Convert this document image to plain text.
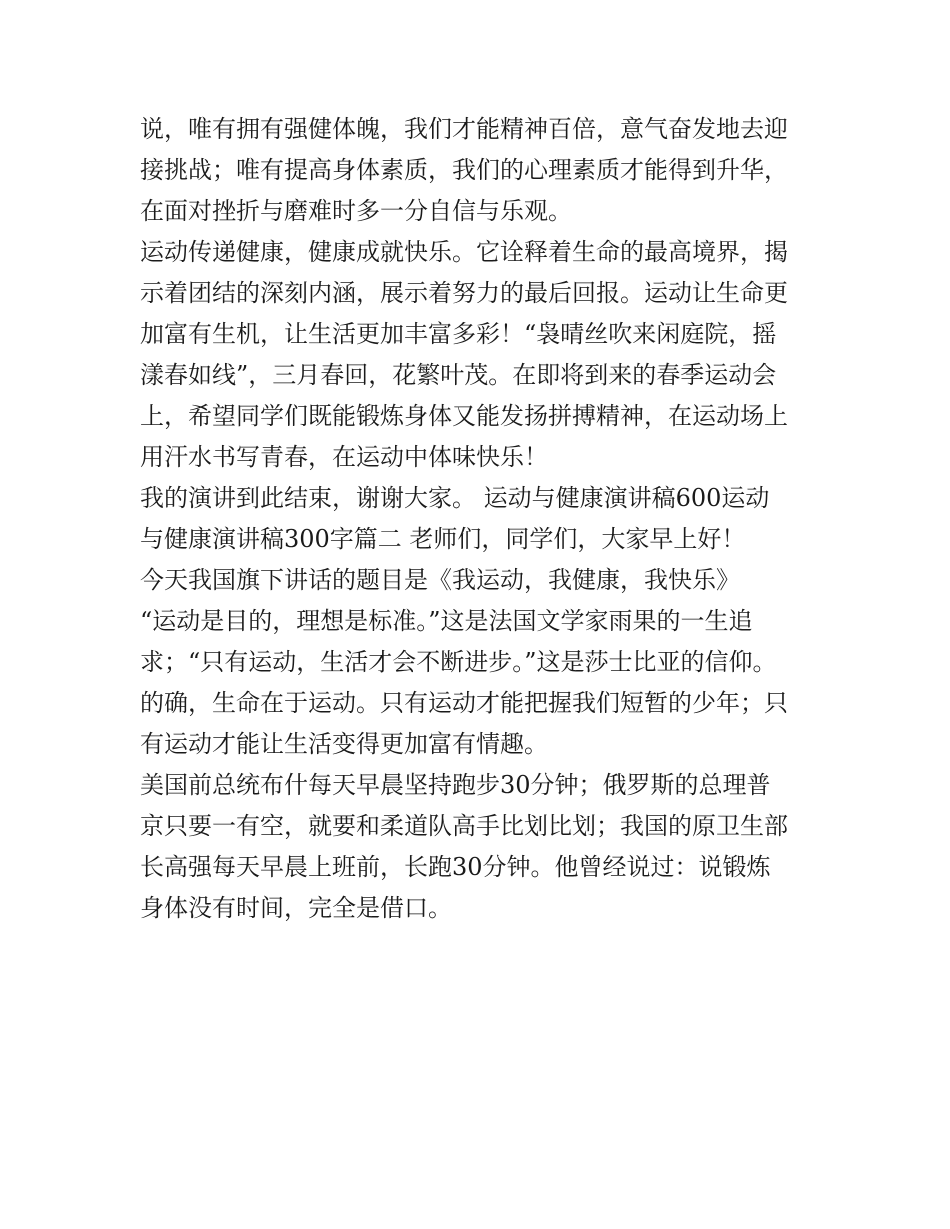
说，唯有拥有强健体魄，我们才能精神百倍，意气奋发地去迎
接挑战；唯有提高身体素质，我们的心理素质才能得到升华，
在面对挫折与磨难时多一分自信与乐观。
运动传递健康，健康成就快乐。它诠释着生命的最高境界，揭
示着团结的深刻内涵，展示着努力的最后回报。运动让生命更
加富有生机，让生活更加丰富多彩！“袅晴丝吹来闲庭院，摇
漾春如线”，三月春回，花繁叶茂。在即将到来的春季运动会
上，希望同学们既能锻炼身体又能发扬拼搏精神，在运动场上
用汗水书写青春，在运动中体味快乐！
我的演讲到此结束，谢谢大家。 运动与健康演讲稿600运动
与健康演讲稿300字篇二 老师们，同学们，大家早上好！
今天我国旗下讲话的题目是《我运动，我健康，我快乐》
“运动是目的，理想是标准。”这是法国文学家雨果的一生追
求；“只有运动，生活才会不断进步。”这是莎士比亚的信仰。
的确，生命在于运动。只有运动才能把握我们短暂的少年；只
有运动才能让生活变得更加富有情趣。
美国前总统布什每天早晨坚持跑步30分钟；俄罗斯的总理普
京只要一有空，就要和柔道队高手比划比划；我国的原卫生部
长高强每天早晨上班前，长跑30分钟。他曾经说过：说锻炼
身体没有时间，完全是借口。
